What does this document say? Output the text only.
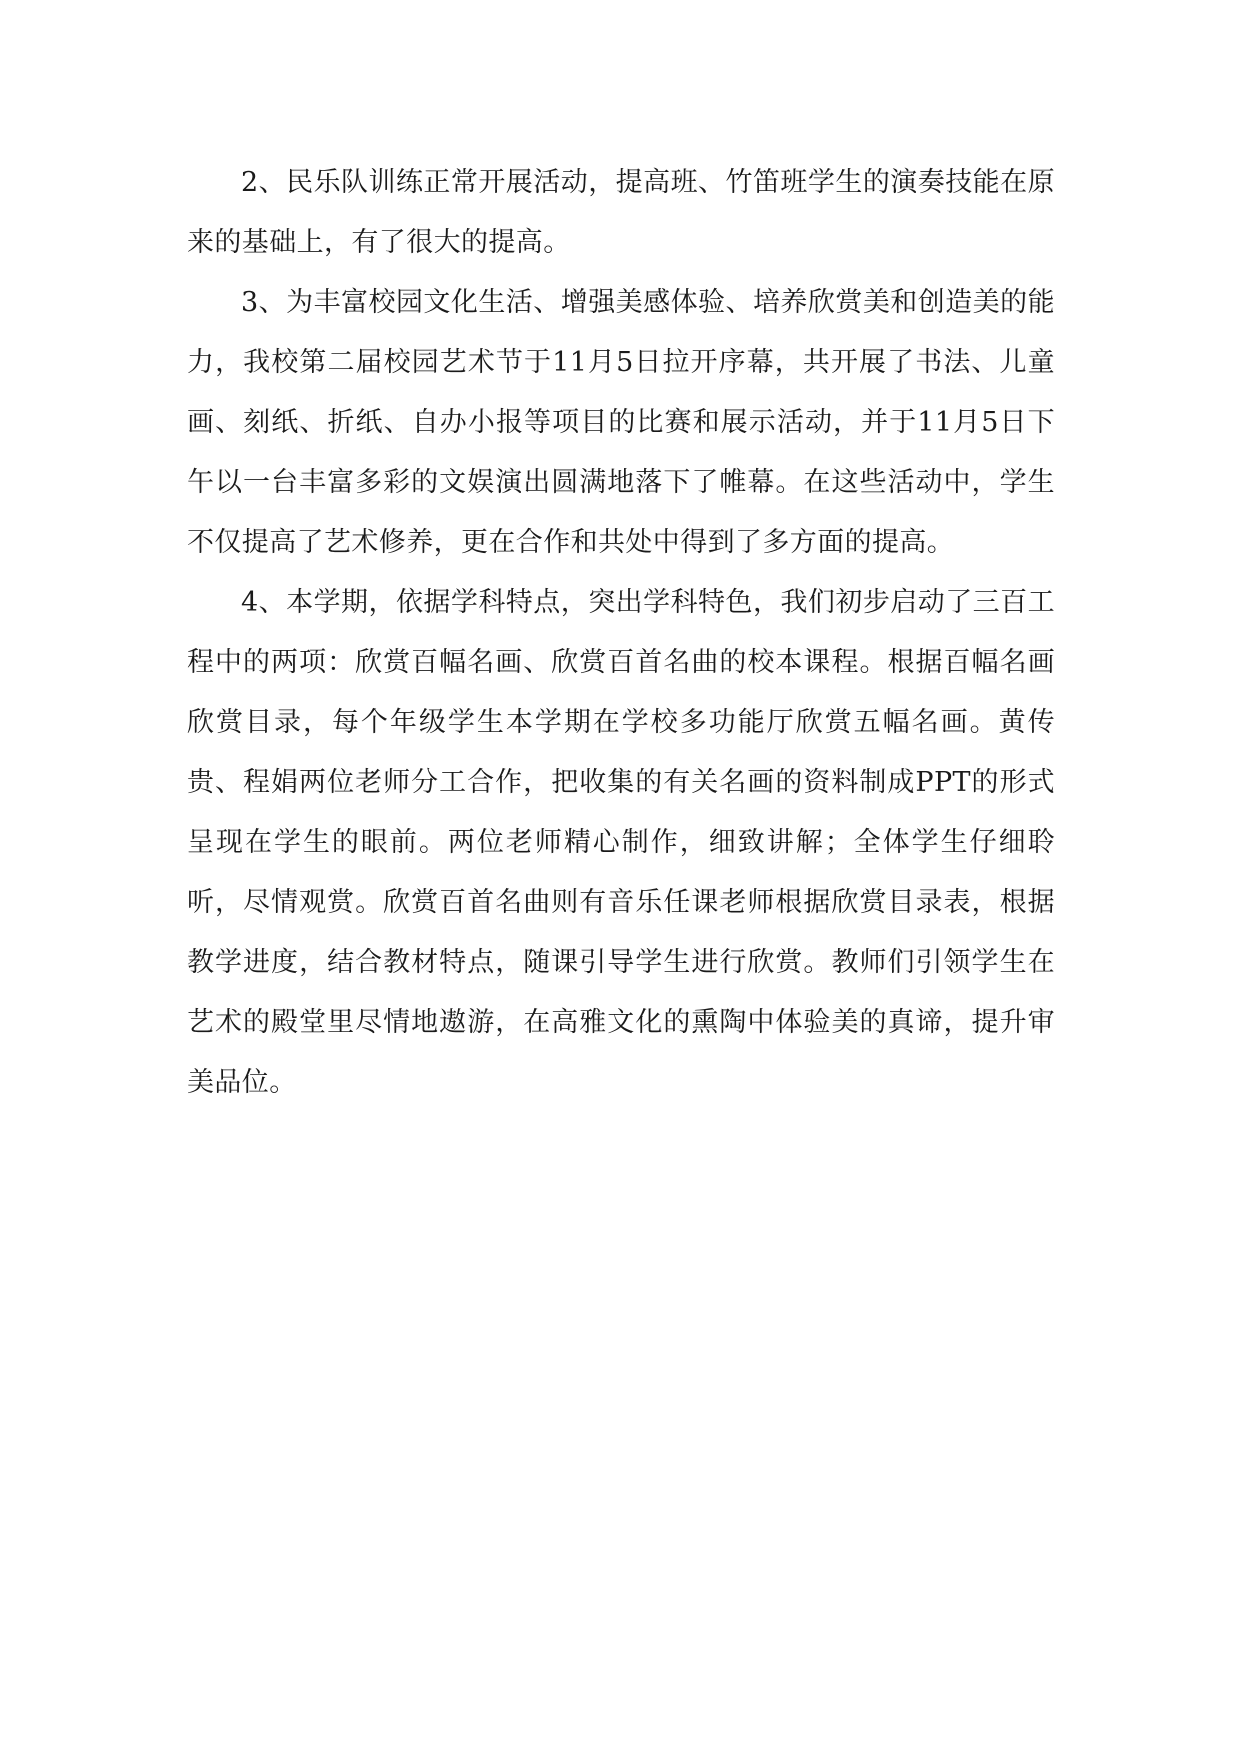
2、民乐队训练正常开展活动，提高班、竹笛班学生的演奏技能在原来的基础上，有了很大的提高。

3、为丰富校园文化生活、增强美感体验、培养欣赏美和创造美的能力，我校第二届校园艺术节于11月5日拉开序幕，共开展了书法、儿童画、刻纸、折纸、自办小报等项目的比赛和展示活动，并于11月5日下午以一台丰富多彩的文娱演出圆满地落下了帷幕。在这些活动中，学生不仅提高了艺术修养，更在合作和共处中得到了多方面的提高。

4、本学期，依据学科特点，突出学科特色，我们初步启动了三百工程中的两项：欣赏百幅名画、欣赏百首名曲的校本课程。根据百幅名画欣赏目录，每个年级学生本学期在学校多功能厅欣赏五幅名画。黄传贵、程娟两位老师分工合作，把收集的有关名画的资料制成PPT的形式呈现在学生的眼前。两位老师精心制作，细致讲解；全体学生仔细聆听，尽情观赏。欣赏百首名曲则有音乐任课老师根据欣赏目录表，根据教学进度，结合教材特点，随课引导学生进行欣赏。教师们引领学生在艺术的殿堂里尽情地遨游，在高雅文化的熏陶中体验美的真谛，提升审美品位。
